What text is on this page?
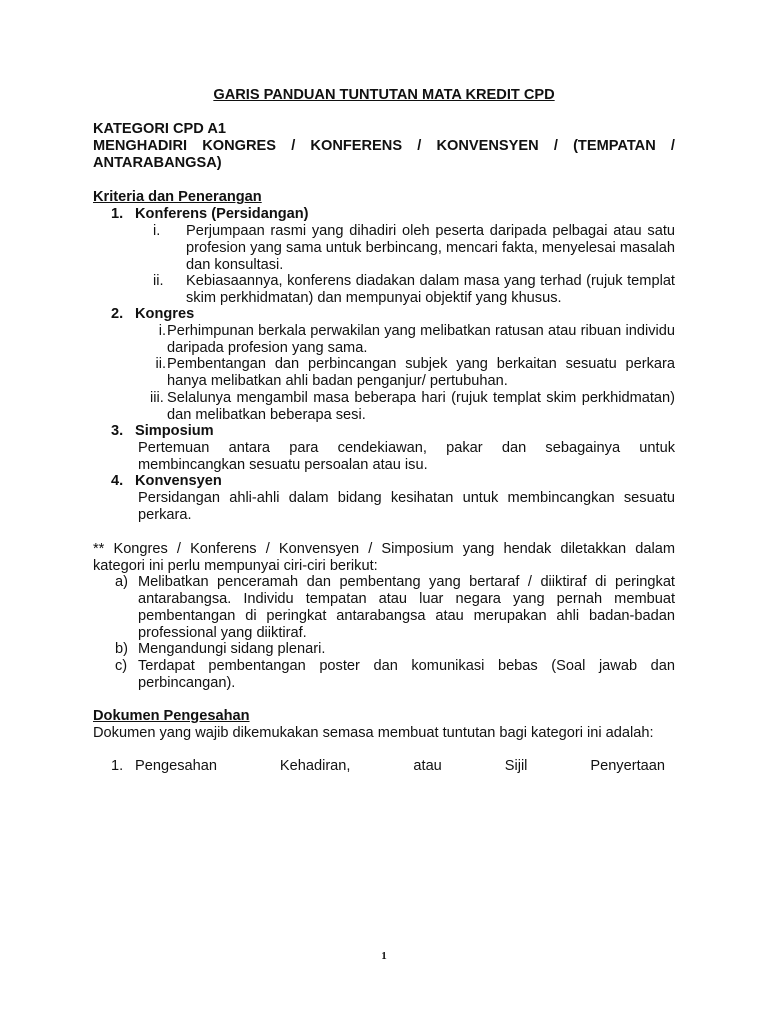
GARIS PANDUAN TUNTUTAN MATA KREDIT CPD
KATEGORI CPD A1
MENGHADIRI KONGRES / KONFERENS / KONVENSYEN / (TEMPATAN / ANTARABANGSA)
Kriteria dan Penerangan
1. Konferens (Persidangan)
i.	Perjumpaan rasmi yang dihadiri oleh peserta daripada pelbagai atau satu profesion yang sama untuk berbincang, mencari fakta, menyelesai masalah dan konsultasi.
ii.	Kebiasaannya, konferens diadakan dalam masa yang terhad (rujuk templat skim perkhidmatan) dan mempunyai objektif yang khusus.
2. Kongres
i. Perhimpunan berkala perwakilan yang melibatkan ratusan atau ribuan individu daripada profesion yang sama.
ii. Pembentangan dan perbincangan subjek yang berkaitan sesuatu perkara hanya melibatkan ahli badan penganjur/ pertubuhan.
iii. Selalunya mengambil masa beberapa hari (rujuk templat skim perkhidmatan) dan melibatkan beberapa sesi.
3. Simposium
Pertemuan antara para cendekiawan, pakar dan sebagainya untuk membincangkan sesuatu persoalan atau isu.
4. Konvensyen
Persidangan ahli-ahli dalam bidang kesihatan untuk membincangkan sesuatu perkara.
** Kongres / Konferens / Konvensyen / Simposium yang hendak diletakkan dalam kategori ini perlu mempunyai ciri-ciri berikut:
a) Melibatkan penceramah dan pembentang yang bertaraf / diiktiraf di peringkat antarabangsa. Individu tempatan atau luar negara yang pernah membuat pembentangan di peringkat antarabangsa atau merupakan ahli badan-badan professional yang diiktiraf.
b) Mengandungi sidang plenari.
c) Terdapat pembentangan poster dan komunikasi bebas (Soal jawab dan perbincangan).
Dokumen Pengesahan
Dokumen yang wajib dikemukakan semasa membuat tuntutan bagi kategori ini adalah:
1. Pengesahan Kehadiran, atau Sijil Penyertaan
1
